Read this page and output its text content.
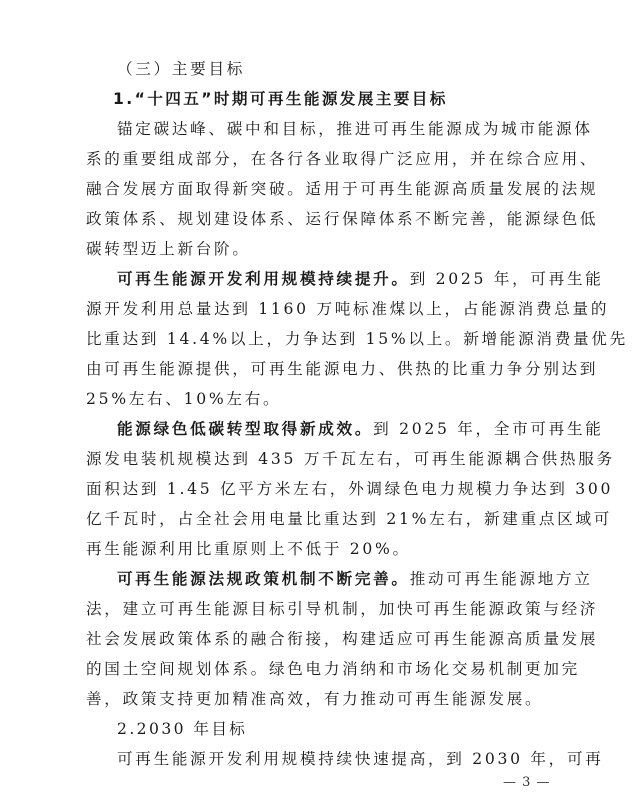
（三）主要目标
1.“十四五”时期可再生能源发展主要目标
锚定碳达峰、碳中和目标，推进可再生能源成为城市能源体
系的重要组成部分，在各行各业取得广泛应用，并在综合应用、
融合发展方面取得新突破。适用于可再生能源高质量发展的法规
政策体系、规划建设体系、运行保障体系不断完善，能源绿色低
碳转型迈上新台阶。
可再生能源开发利用规模持续提升。到 2025 年，可再生能
源开发利用总量达到 1160 万吨标准煤以上，占能源消费总量的
比重达到 14.4%以上，力争达到 15%以上。新增能源消费量优先
由可再生能源提供，可再生能源电力、供热的比重力争分别达到
25%左右、10%左右。
能源绿色低碳转型取得新成效。到 2025 年，全市可再生能
源发电装机规模达到 435 万千瓦左右，可再生能源耦合供热服务
面积达到 1.45 亿平方米左右，外调绿色电力规模力争达到 300
亿千瓦时，占全社会用电量比重达到 21%左右，新建重点区域可
再生能源利用比重原则上不低于 20%。
可再生能源法规政策机制不断完善。推动可再生能源地方立
法，建立可再生能源目标引导机制，加快可再生能源政策与经济
社会发展政策体系的融合衔接，构建适应可再生能源高质量发展
的国土空间规划体系。绿色电力消纳和市场化交易机制更加完
善，政策支持更加精准高效，有力推动可再生能源发展。
2.2030 年目标
可再生能源开发利用规模持续快速提高，到 2030 年，可再
— 3 —
